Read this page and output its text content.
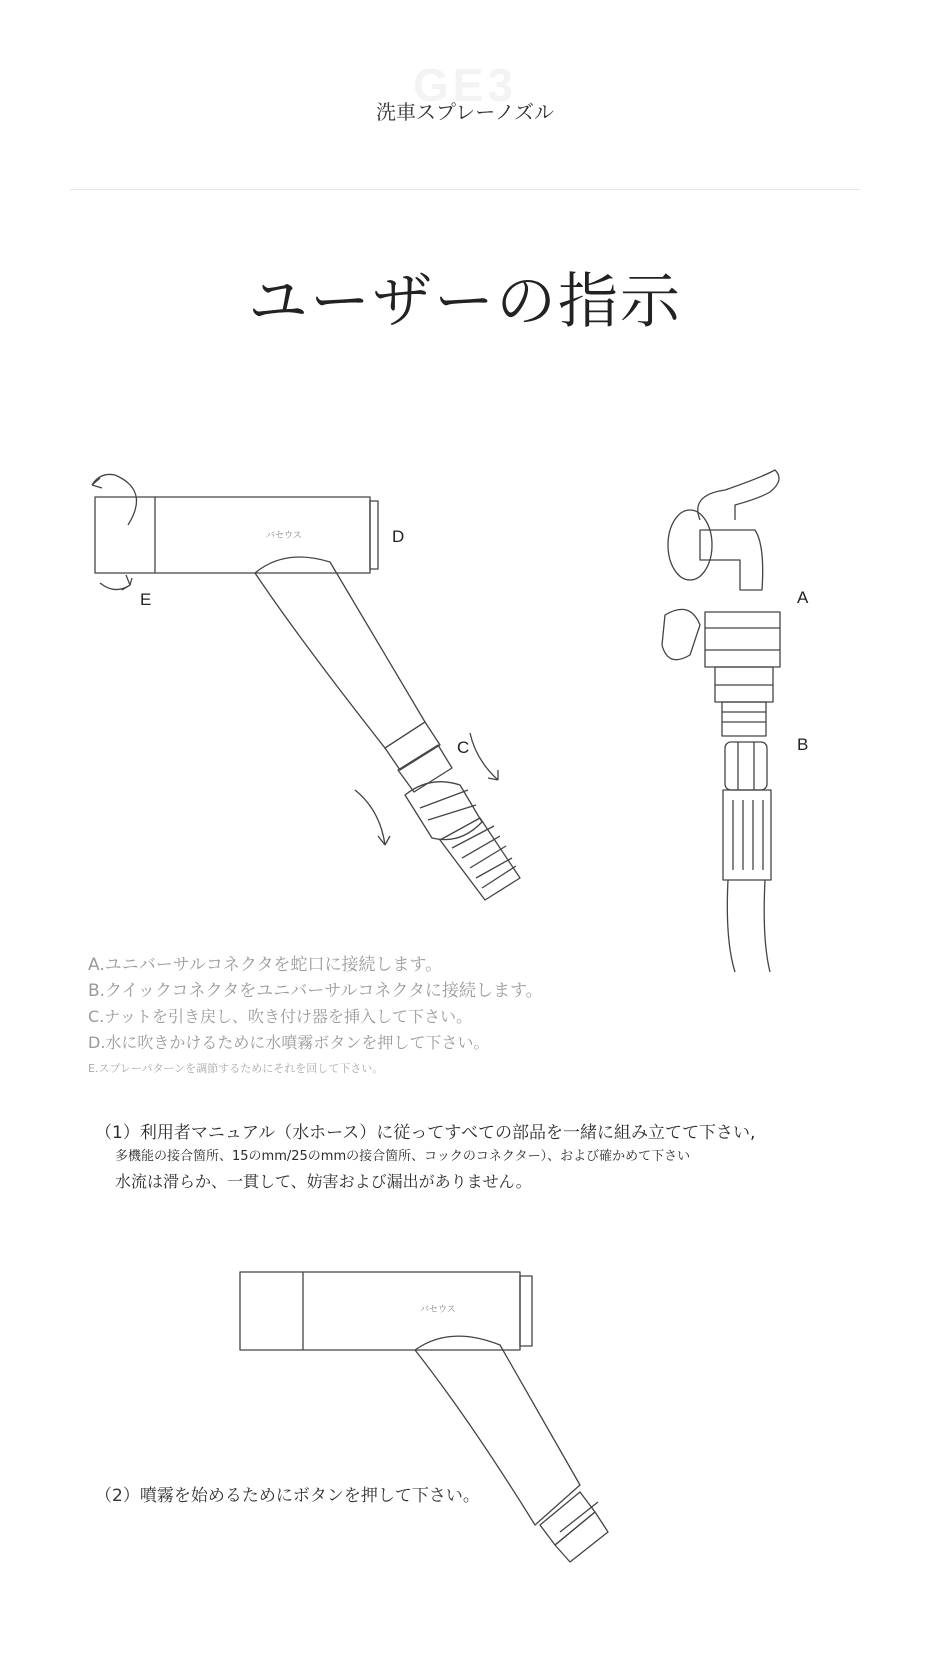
GE3
洗車スプレーノズル
ユーザーの指示
バセウス	D
E
C
A
B
A.ユニバーサルコネクタを蛇口に接続します。
B.クイックコネクタをユニバーサルコネクタに接続します。
C.ナットを引き戻し、吹き付け器を挿入して下さい。
D.水に吹きかけるために水噴霧ボタンを押して下さい。
E.スプレーパターンを調節するためにそれを回して下さい。
（1）利用者マニュアル（水ホース）に従ってすべての部品を一緒に組み立てて下さい,
多機能の接合箇所、15のmm/25のmmの接合箇所、コックのコネクター）、および確かめて下さい
水流は滑らか、一貫して、妨害および漏出がありません。
バセウス
（2）噴霧を始めるためにボタンを押して下さい。
